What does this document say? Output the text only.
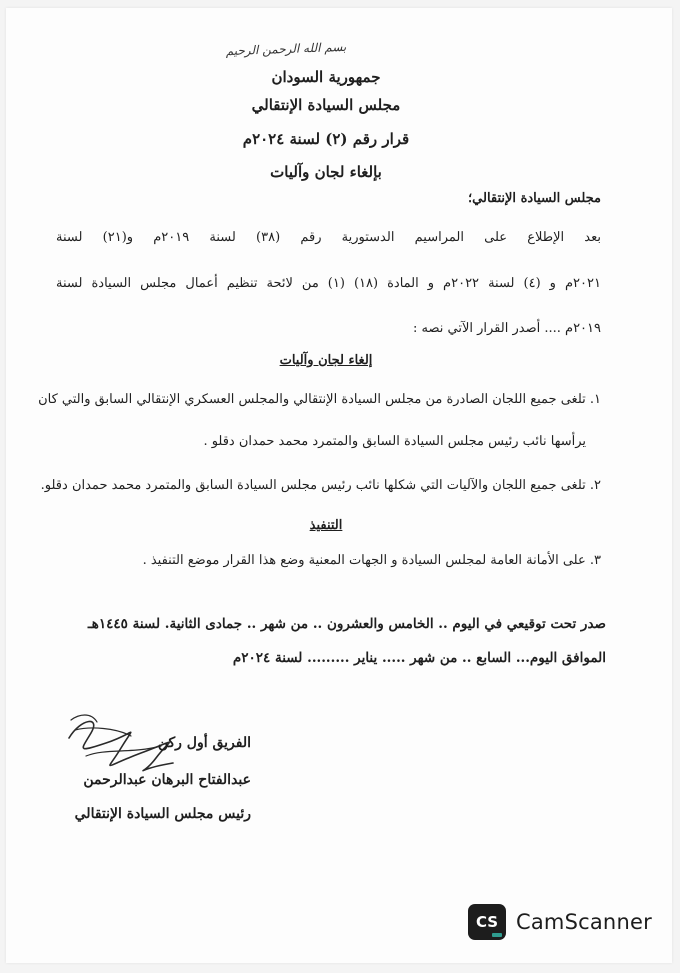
بسم الله الرحمن الرحيم
جمهورية السودان
مجلس السيادة الإنتقالي
قرار رقم (٢) لسنة ٢٠٢٤م
بإلغاء لجان وآليات
مجلس السيادة الإنتقالي؛
بعد الإطلاع على المراسيم الدستورية رقم (٣٨) لسنة ٢٠١٩م و(٢١) لسنة
٢٠٢١م و (٤) لسنة ٢٠٢٢م و المادة (١٨) (١) من لائحة تنظيم أعمال مجلس السيادة لسنة
٢٠١٩م .... أصدر القرار الآتي نصه :
إلغاء لجان وآليات
١. تلغى جميع اللجان الصادرة من مجلس السيادة الإنتقالي والمجلس العسكري الإنتقالي السابق والتي كان
يرأسها نائب رئيس مجلس السيادة السابق والمتمرد محمد حمدان دقلو .
٢. تلغى جميع اللجان والآليات التي شكلها نائب رئيس مجلس السيادة السابق والمتمرد محمد حمدان دقلو.
التنفيذ
٣. على الأمانة العامة لمجلس السيادة و الجهات المعنية وضع هذا القرار موضع التنفيذ .
صدر تحت توقيعي في اليوم .. الخامس والعشرون .. من شهر .. جمادى الثانية. لسنة ١٤٤٥هـ
الموافق اليوم... السابع .. من شهر ..... يناير ......... لسنة ٢٠٢٤م
الفريق أول ركن
عبدالفتاح البرهان عبدالرحمن
رئيس مجلس السيادة الإنتقالي
CS CamScanner
